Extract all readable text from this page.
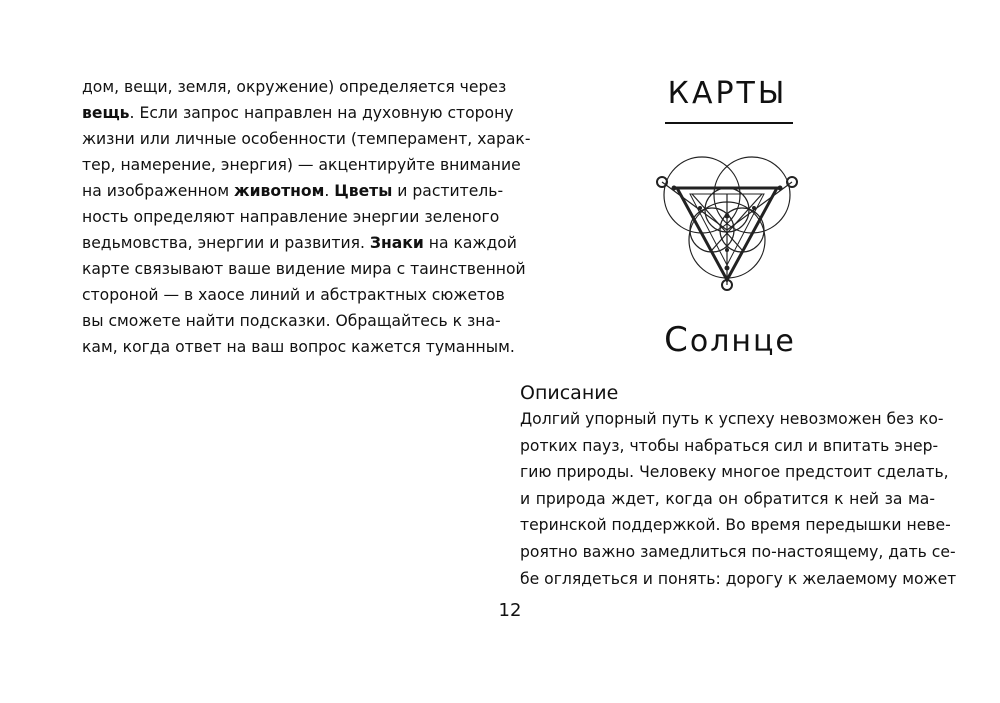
дом, вещи, земля, окружение) определяется через
вещь. Если запрос направлен на духовную сторону
жизни или личные особенности (темперамент, харак-
тер, намерение, энергия) — акцентируйте внимание
на изображенном животном. Цветы и раститель-
ность определяют направление энергии зеленого
ведьмовства, энергии и развития. Знаки на каждой
карте связывают ваше видение мира с таинственной
стороной — в хаосе линий и абстрактных сюжетов
вы сможете найти подсказки. Обращайтесь к зна-
кам, когда ответ на ваш вопрос кажется туманным.
КАРТЫ
Солнце
Описание
Долгий упорный путь к успеху невозможен без ко-
ротких пауз, чтобы набраться сил и впитать энер-
гию природы. Человеку многое предстоит сделать,
и природа ждет, когда он обратится к ней за ма-
теринской поддержкой. Во время передышки неве-
роятно важно замедлиться по-настоящему, дать се-
бе оглядеться и понять: дорогу к желаемому может
12
